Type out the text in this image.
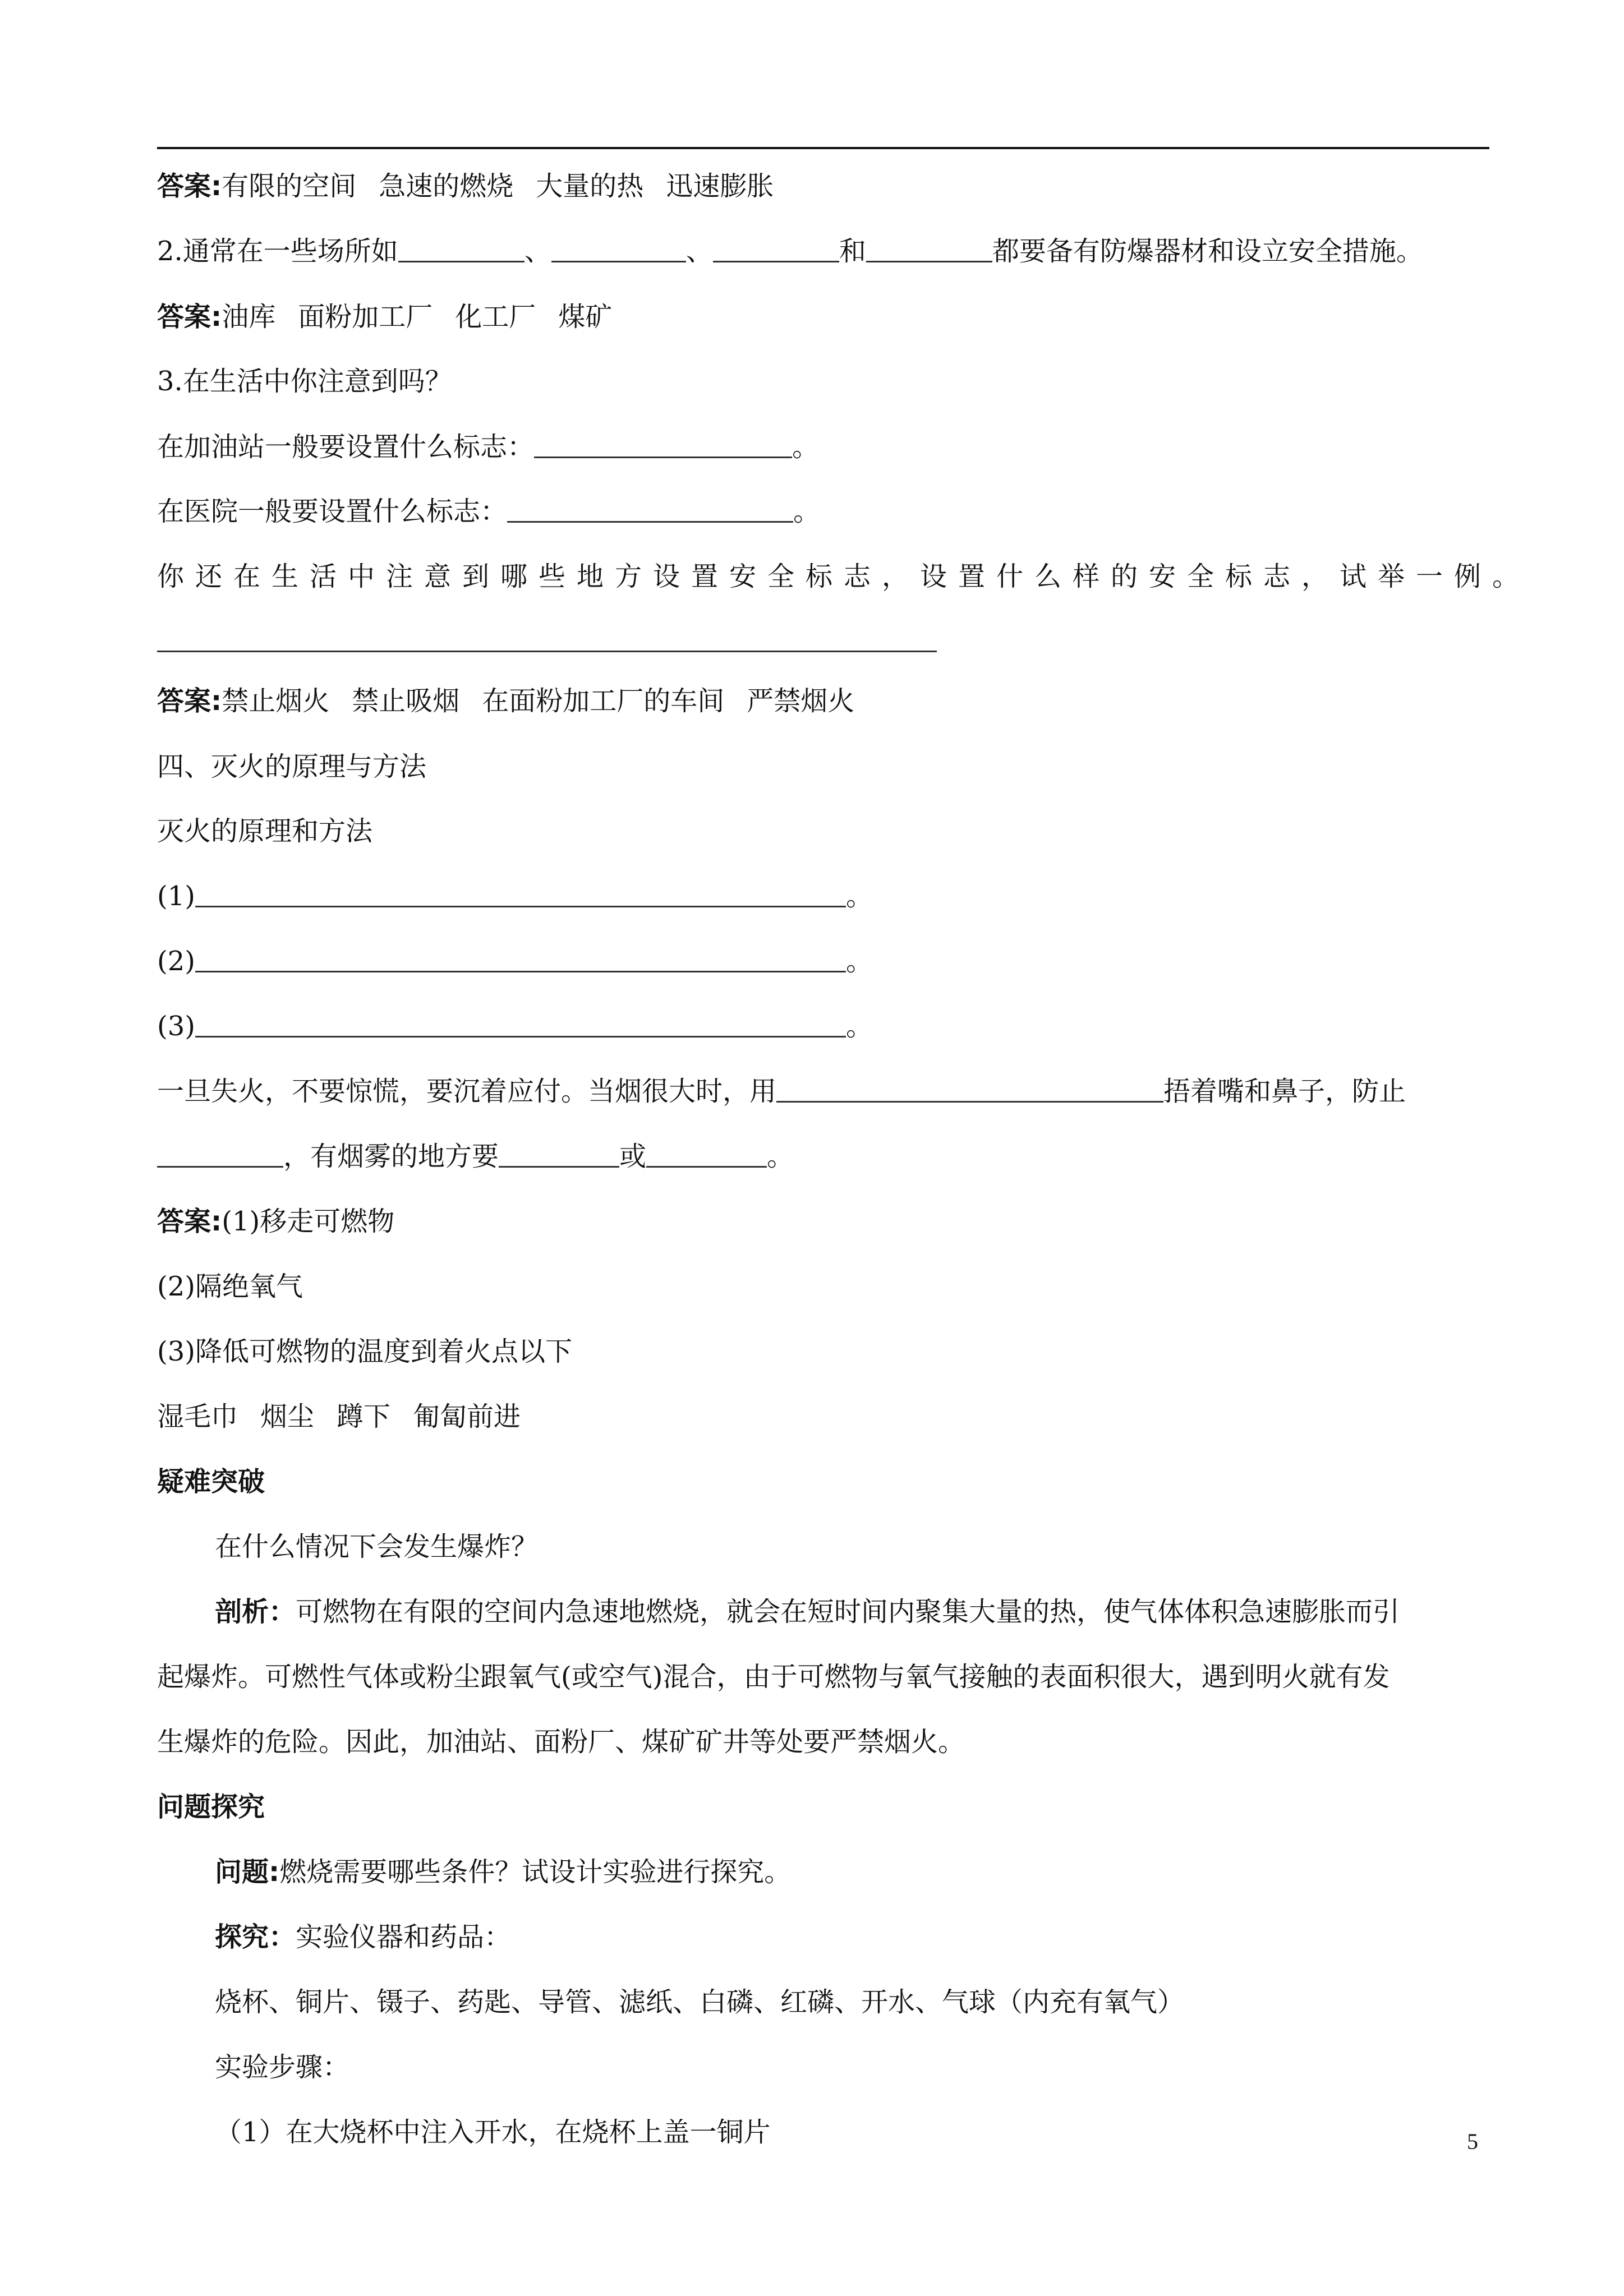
答案:有限的空间 急速的燃烧 大量的热 迅速膨胀
2.通常在一些场所如	、	、	和	都要备有防爆器材和设立安全措施。
答案:油库 面粉加工厂 化工厂 煤矿
3.在生活中你注意到吗？
在加油站一般要设置什么标志：	。
在医院一般要设置什么标志：	。
你还在生活中注意到哪些地方设置安全标志，设置什么样的安全标志，试举一例。
答案:禁止烟火 禁止吸烟 在面粉加工厂的车间 严禁烟火
四、灭火的原理与方法
灭火的原理和方法
(1)	。
(2)	。
(3)	。
一旦失火，不要惊慌，要沉着应付。当烟很大时，用	捂着嘴和鼻子，防止
，有烟雾的地方要	或	。
答案:(1)移走可燃物
(2)隔绝氧气
(3)降低可燃物的温度到着火点以下
湿毛巾 烟尘 蹲下 匍匐前进
疑难突破
在什么情况下会发生爆炸？
剖析：可燃物在有限的空间内急速地燃烧，就会在短时间内聚集大量的热，使气体体积急速膨胀而引
起爆炸。可燃性气体或粉尘跟氧气(或空气)混合，由于可燃物与氧气接触的表面积很大，遇到明火就有发
生爆炸的危险。因此，加油站、面粉厂、煤矿矿井等处要严禁烟火。
问题探究
问题:燃烧需要哪些条件？试设计实验进行探究。
探究：实验仪器和药品：
烧杯、铜片、镊子、药匙、导管、滤纸、白磷、红磷、开水、气球（内充有氧气）
实验步骤：
（1）在大烧杯中注入开水，在烧杯上盖一铜片	5
